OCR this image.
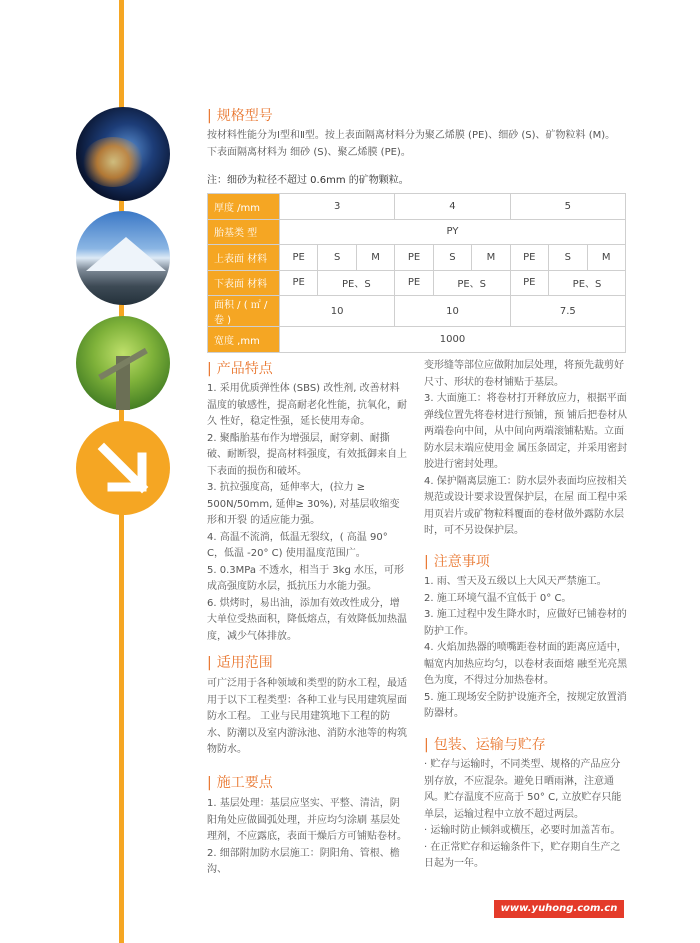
| 规格型号

按材料性能分为Ⅰ型和Ⅱ型。按上表面隔离材料分为聚乙烯膜 (PE)、细砂 (S)、矿物粒料 (M)。

下表面隔离材料为 细砂 (S)、聚乙烯膜 (PE)。

注：细砂为粒径不超过 0.6mm 的矿物颗粒。
厚度 /mm	3			4			5		
胎基类 型	PY								
上表面 材料	PE	S	M	PE	S	M	PE	S	M
下表面 材料	PE	PE、S		PE	PE、S		PE	PE、S	
面积 / ( ㎡ / 卷 )	10			10			7.5		
宽度 ,mm	1000								
| 产品特点

1. 采用优质弹性体 (SBS) 改性剂, 改善材料温度的敏感性，提高耐老化性能，抗氧化，耐久 性好，稳定性强，延长使用寿命。

2. 聚酯胎基布作为增强层，耐穿刺、耐撕破、耐断裂，提高材料强度，有效抵御来自上下表面的损伤和破坏。

3. 抗拉强度高，延伸率大，(拉力 ≥ 500N/50mm, 延伸≥ 30%), 对基层收缩变形和开裂 的适应能力强。

4. 高温不流淌，低温无裂纹，( 高温 90° C，低温 -20° C) 使用温度范围广。

5. 0.3MPa 不透水，相当于 3kg 水压，可形成高强度防水层，抵抗压力水能力强。

6. 烘烤时，易出油，添加有效改性成分，增大单位受热面积，降低熔点，有效降低加热温度，减少气体排放。

| 适用范围
可广泛用于各种领域和类型的防水工程，最适用于以下工程类型：各种工业与民用建筑屋面防水工程。 工业与民用建筑地下工程的防水、防潮以及室内游泳池、消防水池等的构筑物防水。
| 施工要点

1. 基层处理：基层应坚实、平整、清洁，阴阳角处应做圆弧处理，并应均匀涂刷 基层处理剂，不应露底，表面干燥后方可铺贴卷材。

2. 细部附加防水层施工：阴阳角、管根、檐沟、

变形缝等部位应做附加层处理，将预先裁剪好尺寸、形状的卷材铺贴于基层。

3. 大面施工：将卷材打开释放应力，根据平面弹线位置先将卷材进行预铺，预 铺后把卷材从两端卷向中间，从中间向两端滚铺粘贴。立面防水层末端应使用金 属压条固定，并采用密封胶进行密封处理。

4. 保护隔离层施工：防水层外表面均应按相关规范或设计要求设置保护层，在屋 面工程中采用页岩片或矿物粒料覆面的卷材做外露防水层时，可不另设保护层。

| 注意事项

1. 雨、雪天及五级以上大风天严禁施工。

2. 施工环境气温不宜低于 0° C。

3. 施工过程中发生降水时，应做好已铺卷材的防护工作。

4. 火焰加热器的喷嘴距卷材面的距离应适中，幅宽内加热应均匀，以卷材表面熔 融至光亮黑色为度，不得过分加热卷材。

5. 施工现场安全防护设施齐全，按规定放置消防器材。

| 包装、运输与贮存

· 贮存与运输时，不同类型、规格的产品应分别存放，不应混杂。避免日晒雨淋，注意通风。贮存温度不应高于 50° C, 立放贮存只能单层，运输过程中立放不超过两层。

· 运输时防止倾斜或横压，必要时加盖苫布。

· 在正常贮存和运输条件下，贮存期自生产之日起为一年。

www.yuhong.com.cn
